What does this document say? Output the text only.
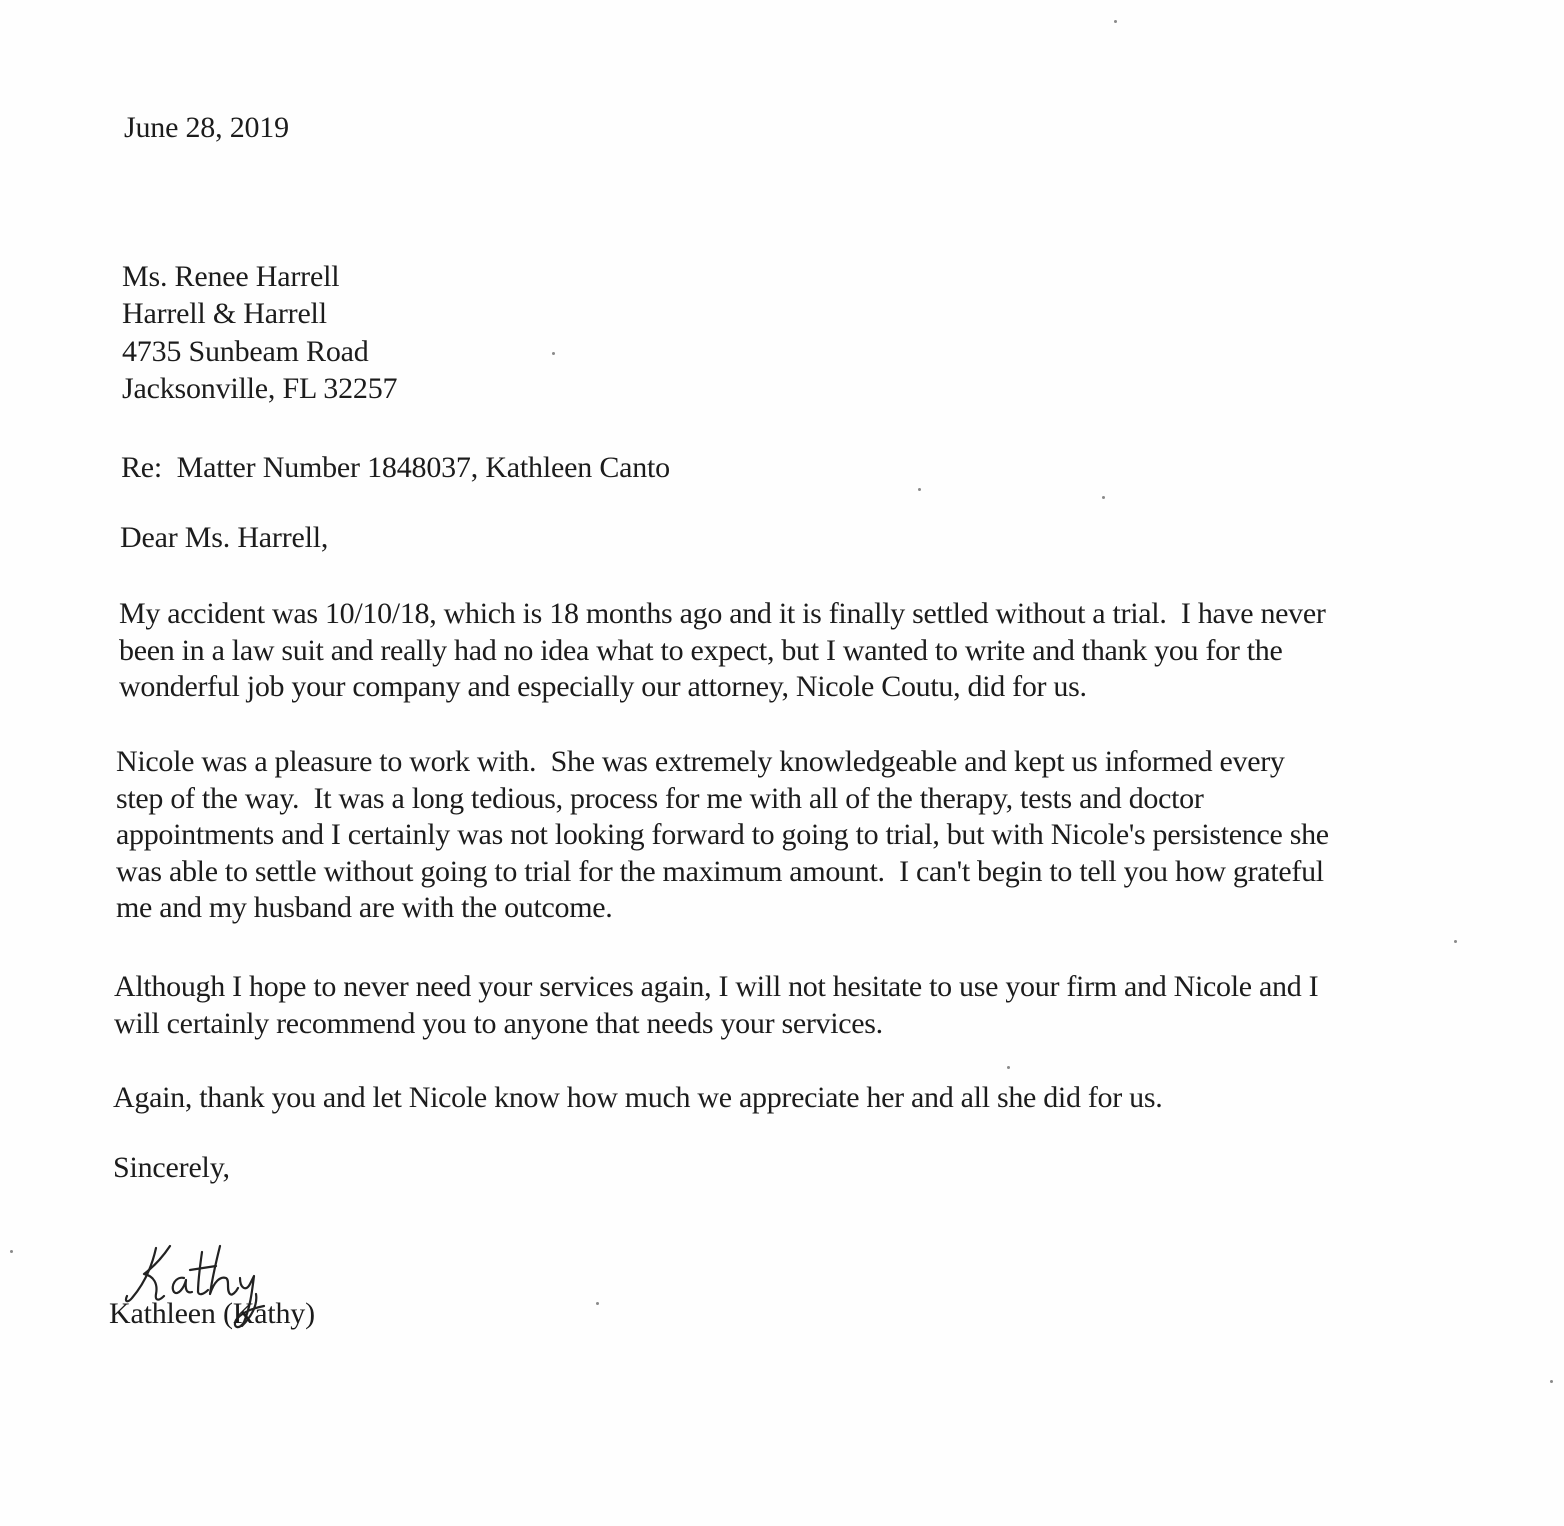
June 28, 2019
Ms. Renee Harrell
Harrell & Harrell
4735 Sunbeam Road
Jacksonville, FL 32257
Re:  Matter Number 1848037, Kathleen Canto
Dear Ms. Harrell,
My accident was 10/10/18, which is 18 months ago and it is finally settled without a trial.  I have never
been in a law suit and really had no idea what to expect, but I wanted to write and thank you for the
wonderful job your company and especially our attorney, Nicole Coutu, did for us.
Nicole was a pleasure to work with.  She was extremely knowledgeable and kept us informed every
step of the way.  It was a long tedious, process for me with all of the therapy, tests and doctor
appointments and I certainly was not looking forward to going to trial, but with Nicole's persistence she
was able to settle without going to trial for the maximum amount.  I can't begin to tell you how grateful
me and my husband are with the outcome.
Although I hope to never need your services again, I will not hesitate to use your firm and Nicole and I
will certainly recommend you to anyone that needs your services.
Again, thank you and let Nicole know how much we appreciate her and all she did for us.
Sincerely,
Kathleen (Kathy)
